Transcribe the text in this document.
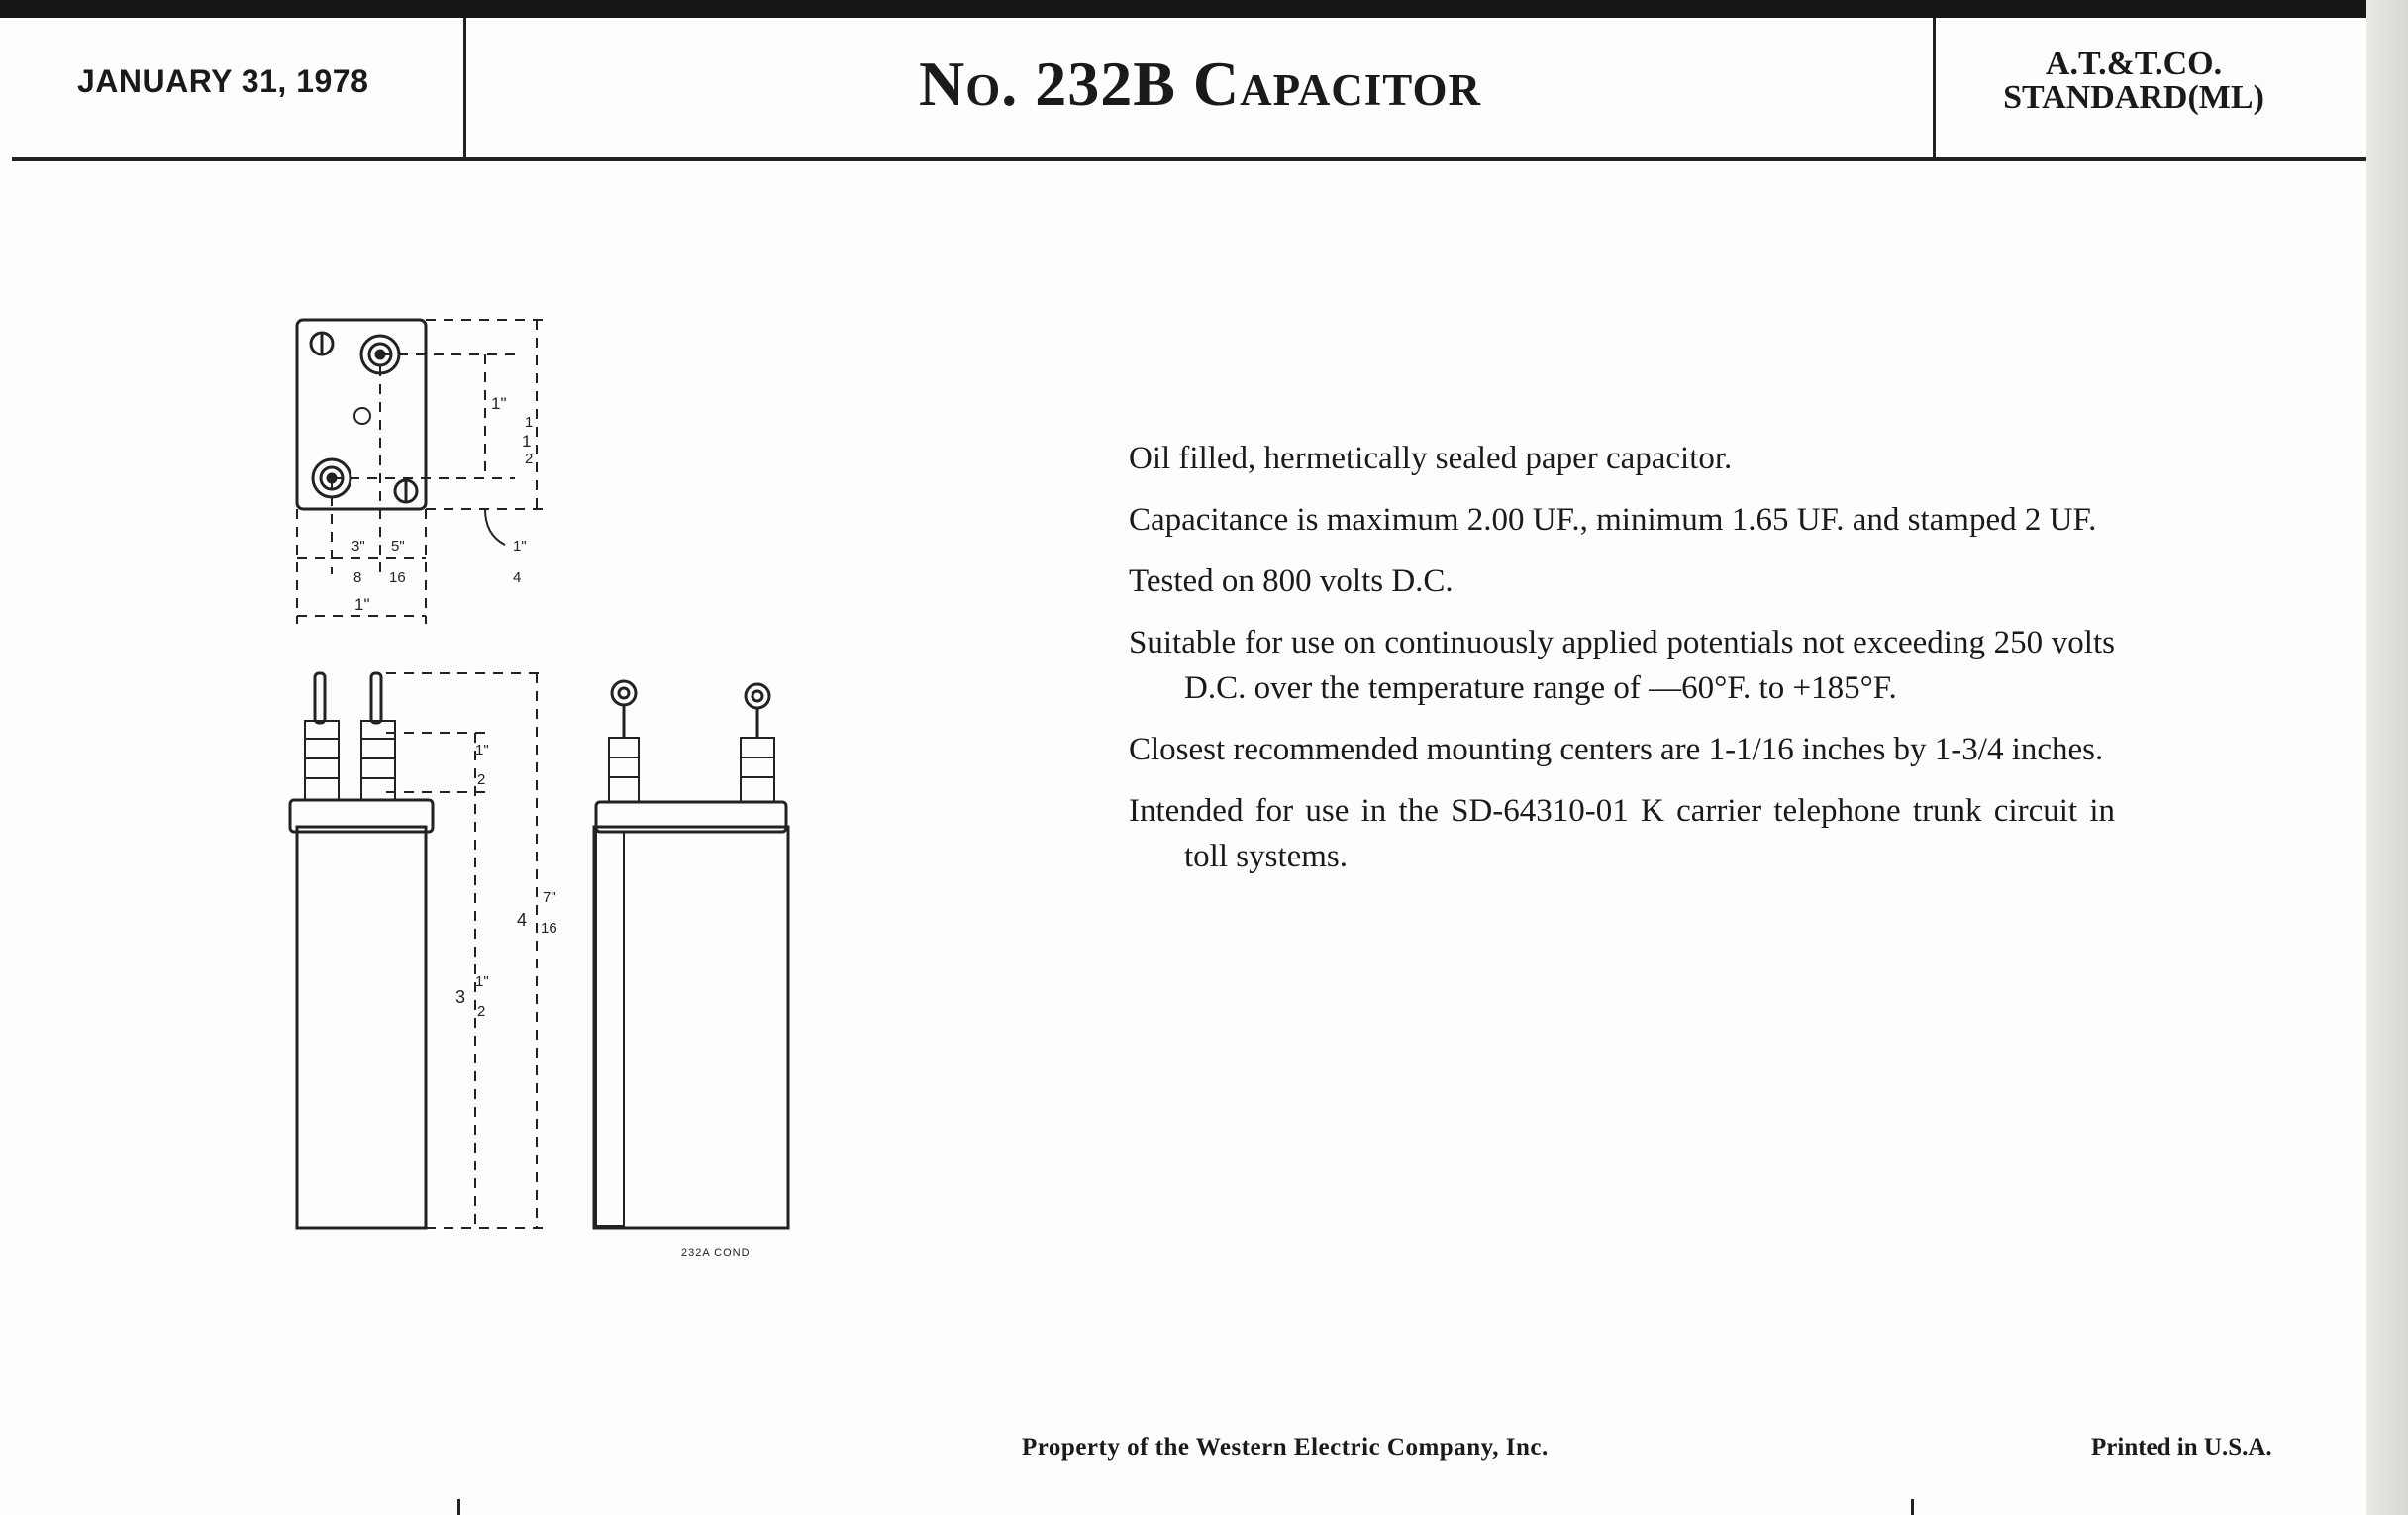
JANUARY 31, 1978	No. 232B Capacitor	A.T.&T.CO.
STANDARD(ML)
1"
1
1
2
3"
8
5"
16
1"
4
1"
1"
2
4
7"
16
3
1"
2
232A COND

Oil filled, hermetically sealed paper capacitor.

Capacitance is maximum 2.00 UF., minimum 1.65 UF. and stamped 2 UF.

Tested on 800 volts D.C.

Suitable for use on continuously applied potentials not exceeding 250 volts D.C. over the temperature range of —60°F. to +185°F.

Closest recommended mounting centers are 1-1/16 inches by 1-3/4 inches.

Intended for use in the SD-64310-01 K carrier telephone trunk circuit in toll systems.

Property of the Western Electric Company, Inc.	Printed in U.S.A.
